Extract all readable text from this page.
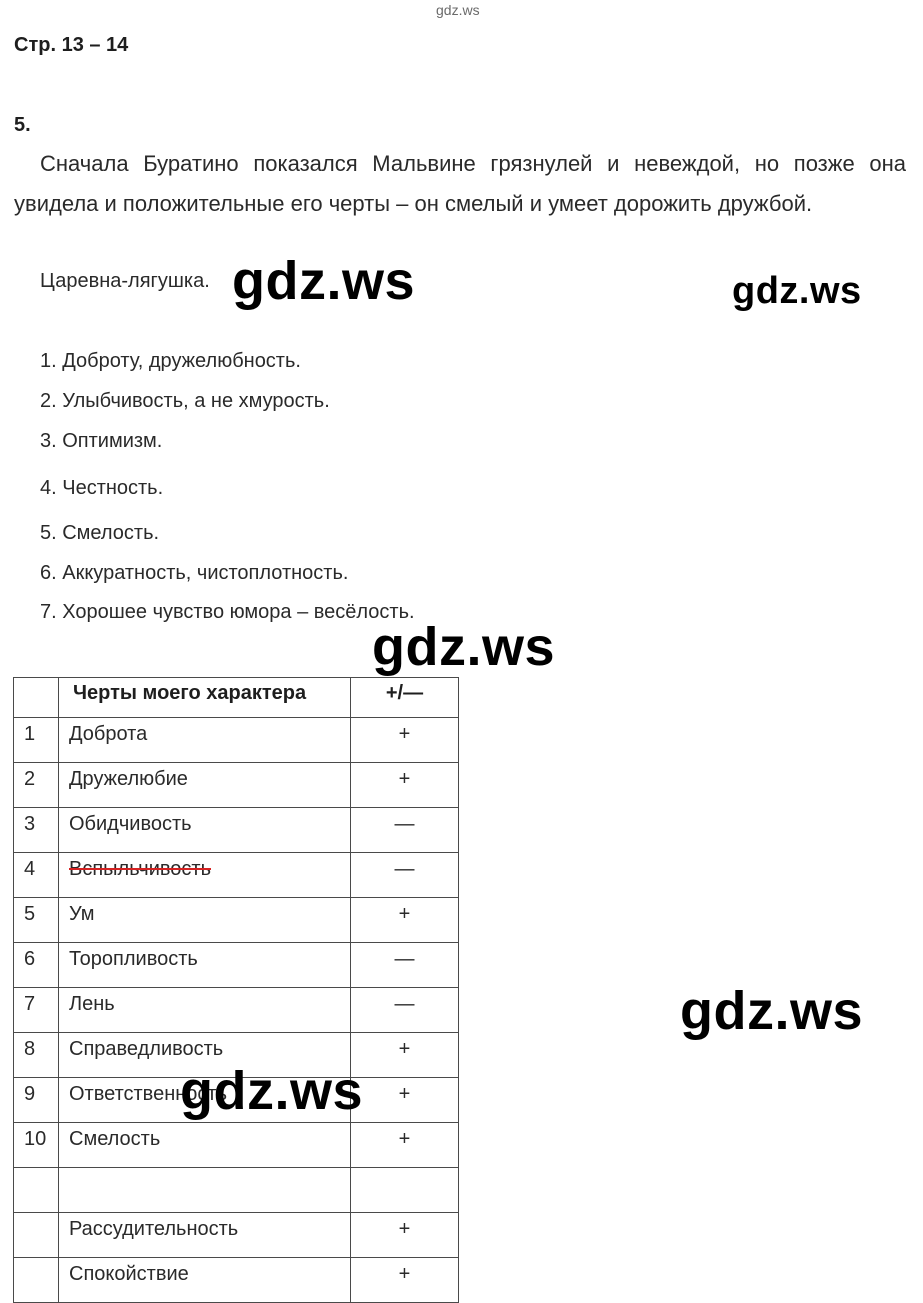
gdz.ws
Стр. 13 – 14
5.
Сначала Буратино показался Мальвине грязнулей и невеждой, но позже она увидела и положительные его черты – он смелый и умеет дорожить дружбой.
Царевна-лягушка.
1. Доброту, дружелюбность.
2. Улыбчивость, а не хмурость.
3. Оптимизм.
4. Честность.
5. Смелость.
6. Аккуратность, чистоплотность.
7. Хорошее чувство юмора – весёлость.
	Черты моего характера	+/—
1	Доброта	+
2	Дружелюбие	+
3	Обидчивость	—
4	Вспыльчивость	—
5	Ум	+
6	Торопливость	—
7	Лень	—
8	Справедливость	+
9	Ответственность	+
10	Смелость	+

	Рассудительность	+
	Спокойствие	+
gdz.ws	gdz.ws
gdz.ws
gdz.ws
gdz.ws
